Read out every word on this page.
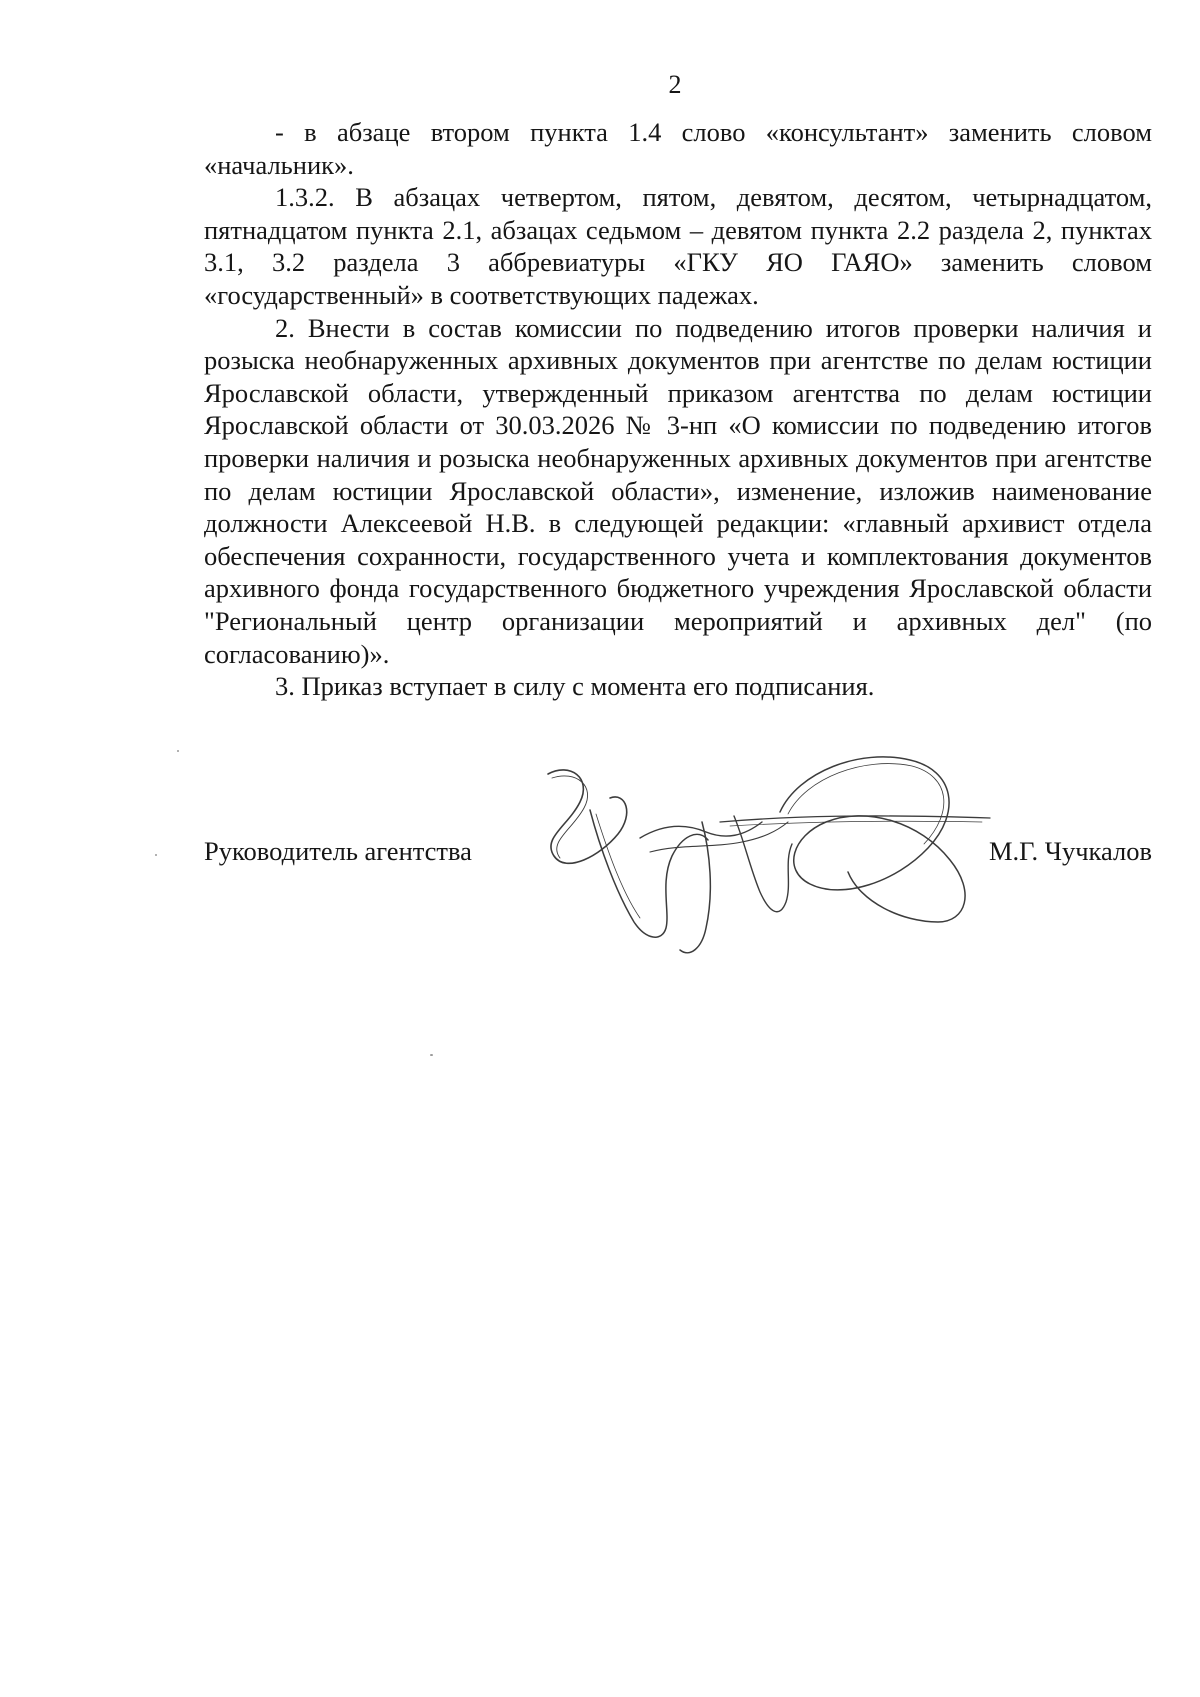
2

- в абзаце втором пункта 1.4 слово «консультант» заменить словом «начальник».

1.3.2. В абзацах четвертом, пятом, девятом, десятом, четырнадцатом, пятнадцатом пункта 2.1, абзацах седьмом – девятом пункта 2.2 раздела 2, пунктах 3.1, 3.2 раздела 3 аббревиатуры «ГКУ ЯО ГАЯО» заменить словом «государственный» в соответствующих падежах.

2. Внести в состав комиссии по подведению итогов проверки наличия и розыска необнаруженных архивных документов при агентстве по делам юстиции Ярославской области, утвержденный приказом агентства по делам юстиции Ярославской области от 30.03.2026 № 3-нп «О комиссии по подведению итогов проверки наличия и розыска необнаруженных архивных документов при агентстве по делам юстиции Ярославской области», изменение, изложив наименование должности Алексеевой Н.В. в следующей редакции: «главный архивист отдела обеспечения сохранности, государственного учета и комплектования документов архивного фонда государственного бюджетного учреждения Ярославской области "Региональный центр организации мероприятий и архивных дел" (по согласованию)».

3. Приказ вступает в силу с момента его подписания.

Руководитель агентства	М.Г. Чучкалов
